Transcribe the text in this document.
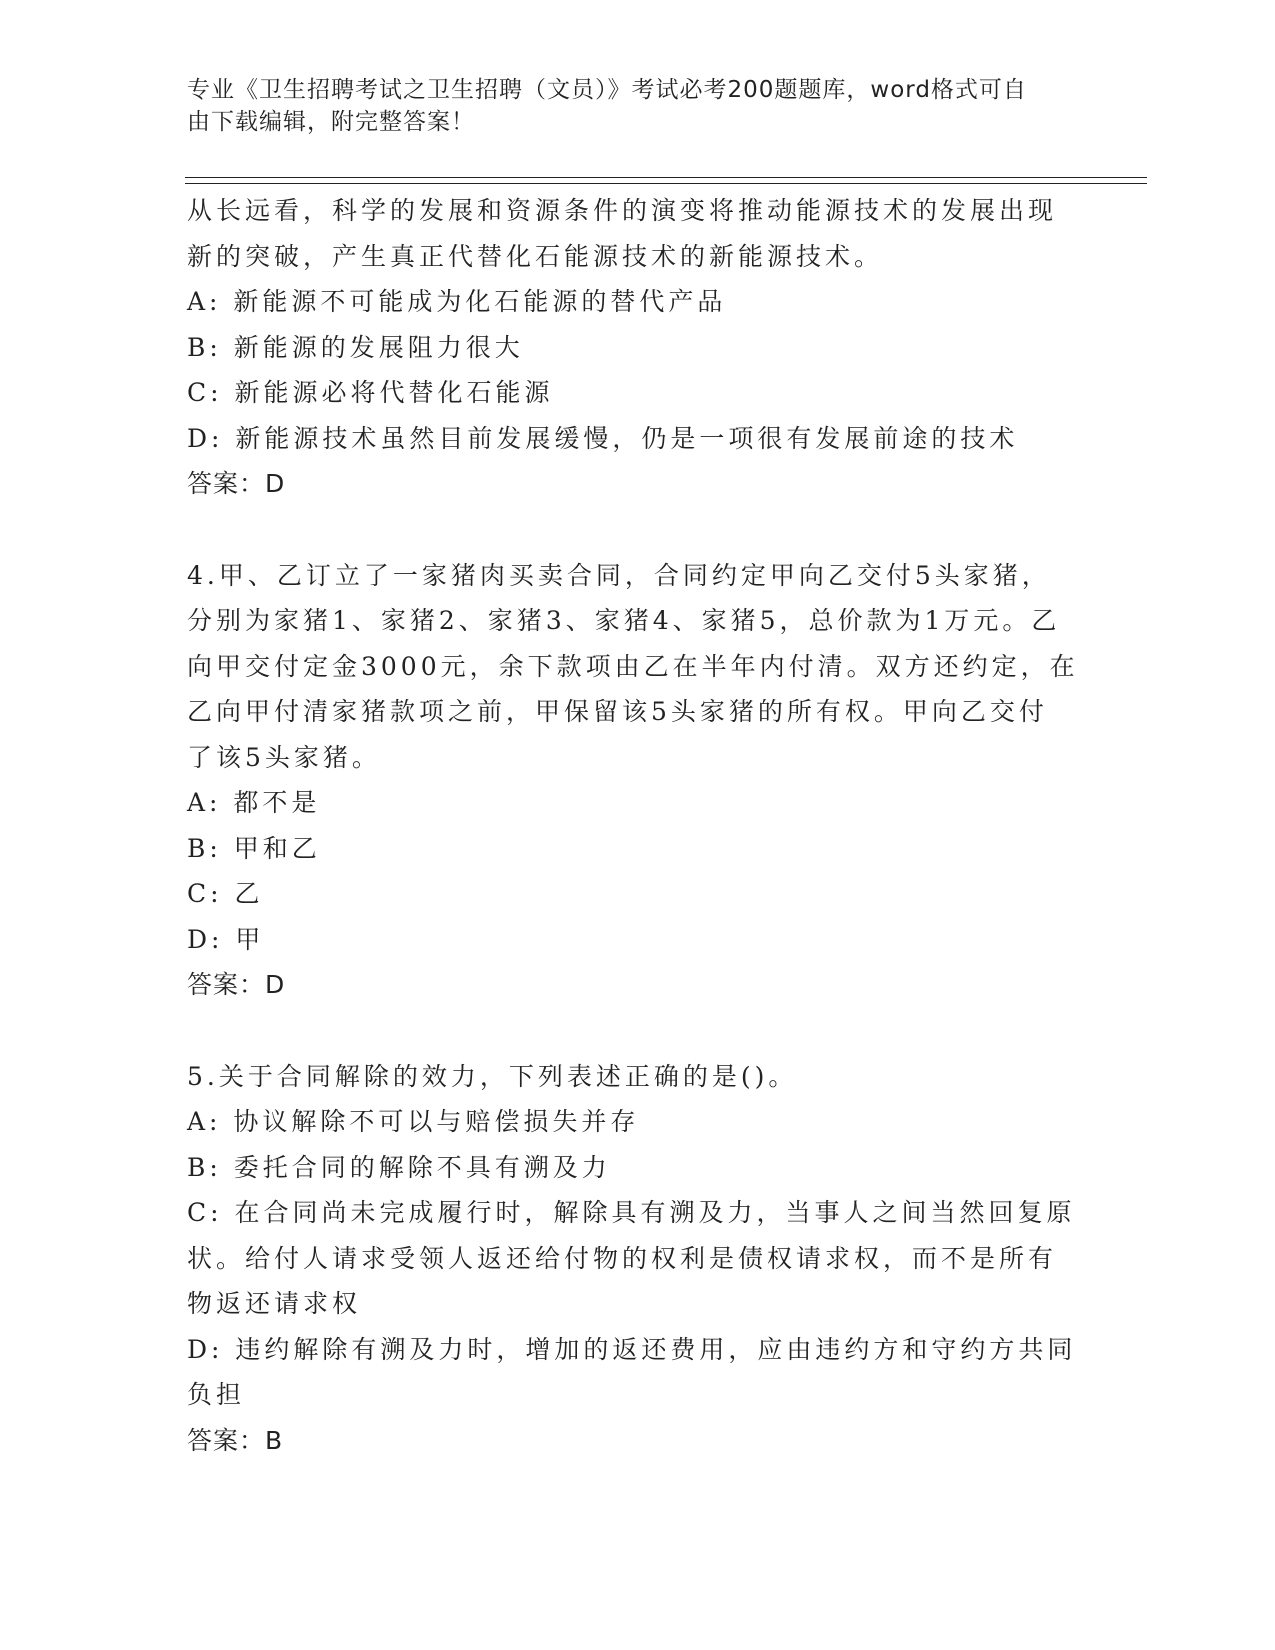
专业《卫生招聘考试之卫生招聘（文员）》考试必考200题题库，word格式可自
由下载编辑，附完整答案！

从长远看，科学的发展和资源条件的演变将推动能源技术的发展出现

新的突破，产生真正代替化石能源技术的新能源技术。

A: 新能源不可能成为化石能源的替代产品

B: 新能源的发展阻力很大

C: 新能源必将代替化石能源

D: 新能源技术虽然目前发展缓慢，仍是一项很有发展前途的技术

答案：D

4.甲、乙订立了一家猪肉买卖合同，合同约定甲向乙交付5头家猪，

分别为家猪1、家猪2、家猪3、家猪4、家猪5，总价款为1万元。乙

向甲交付定金3000元，余下款项由乙在半年内付清。双方还约定，在

乙向甲付清家猪款项之前，甲保留该5头家猪的所有权。甲向乙交付

了该5头家猪。

A: 都不是

B: 甲和乙

C: 乙

D: 甲

答案：D

5.关于合同解除的效力，下列表述正确的是()。

A: 协议解除不可以与赔偿损失并存

B: 委托合同的解除不具有溯及力

C: 在合同尚未完成履行时，解除具有溯及力，当事人之间当然回复原

状。给付人请求受领人返还给付物的权利是债权请求权，而不是所有

物返还请求权

D: 违约解除有溯及力时，增加的返还费用，应由违约方和守约方共同

负担

答案：B
